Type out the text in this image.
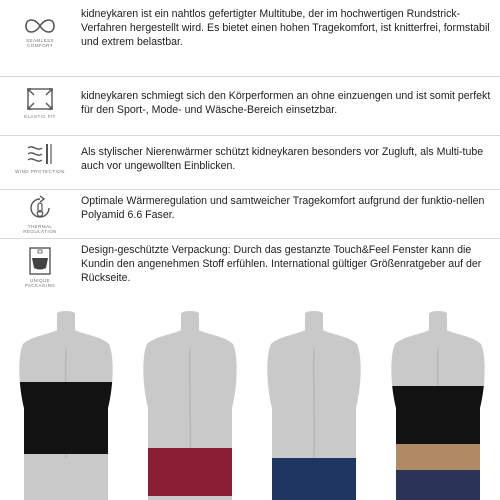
SEAMLESS COMFORT
kidneykaren ist ein nahtlos gefertigter Multitube, der im hochwertigen Rundstrick-Verfahren hergestellt wird. Es bietet einen hohen Tragekomfort, ist knitterfrei, formstabil und extrem belastbar.
ELASTIC FIT
kidneykaren schmiegt sich den Körperformen an ohne einzuengen und ist somit perfekt für den Sport-, Mode- und Wäsche-Bereich einsetzbar.
WIND PROTECTION
Als stylischer Nierenwärmer schützt kidneykaren besonders vor Zugluft, als Multi-tube auch vor ungewollten Einblicken.
THERMAL REGULATION
Optimale Wärmeregulation und samtweicher Tragekomfort aufgrund der funktio-nellen Polyamid 6.6 Faser.
UNIQUE PACKAGING
Design-geschützte Verpackung: Durch das gestanzte Touch&Feel Fenster kann die Kundin den angenehmen Stoff erfühlen. International gültiger Größenratgeber auf der Rückseite.
